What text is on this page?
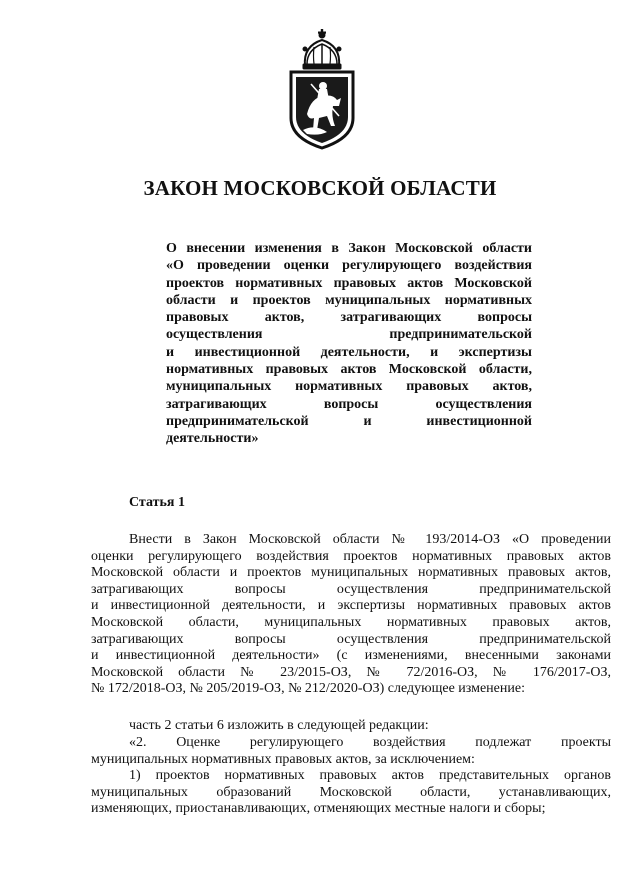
ЗАКОН МОСКОВСКОЙ ОБЛАСТИ
О внесении изменения в Закон Московской области
«О проведении оценки регулирующего воздействия
проектов нормативных правовых актов Московской
области и проектов муниципальных нормативных
правовых актов, затрагивающих вопросы
осуществления предпринимательской
и инвестиционной деятельности, и экспертизы
нормативных правовых актов Московской области,
муниципальных нормативных правовых актов,
затрагивающих вопросы осуществления
предпринимательской и инвестиционной
деятельности»
Статья 1
Внести в Закон Московской области № 193/2014-ОЗ «О проведении
оценки регулирующего воздействия проектов нормативных правовых актов
Московской области и проектов муниципальных нормативных правовых актов,
затрагивающих вопросы осуществления предпринимательской
и инвестиционной деятельности, и экспертизы нормативных правовых актов
Московской области, муниципальных нормативных правовых актов,
затрагивающих вопросы осуществления предпринимательской
и инвестиционной деятельности» (с изменениями, внесенными законами
Московской области № 23/2015-ОЗ, № 72/2016-ОЗ, № 176/2017-ОЗ,
№ 172/2018-ОЗ, № 205/2019-ОЗ, № 212/2020-ОЗ) следующее изменение:
часть 2 статьи 6 изложить в следующей редакции:
«2. Оценке регулирующего воздействия подлежат проекты
муниципальных нормативных правовых актов, за исключением:
1) проектов нормативных правовых актов представительных органов
муниципальных образований Московской области, устанавливающих,
изменяющих, приостанавливающих, отменяющих местные налоги и сборы;
